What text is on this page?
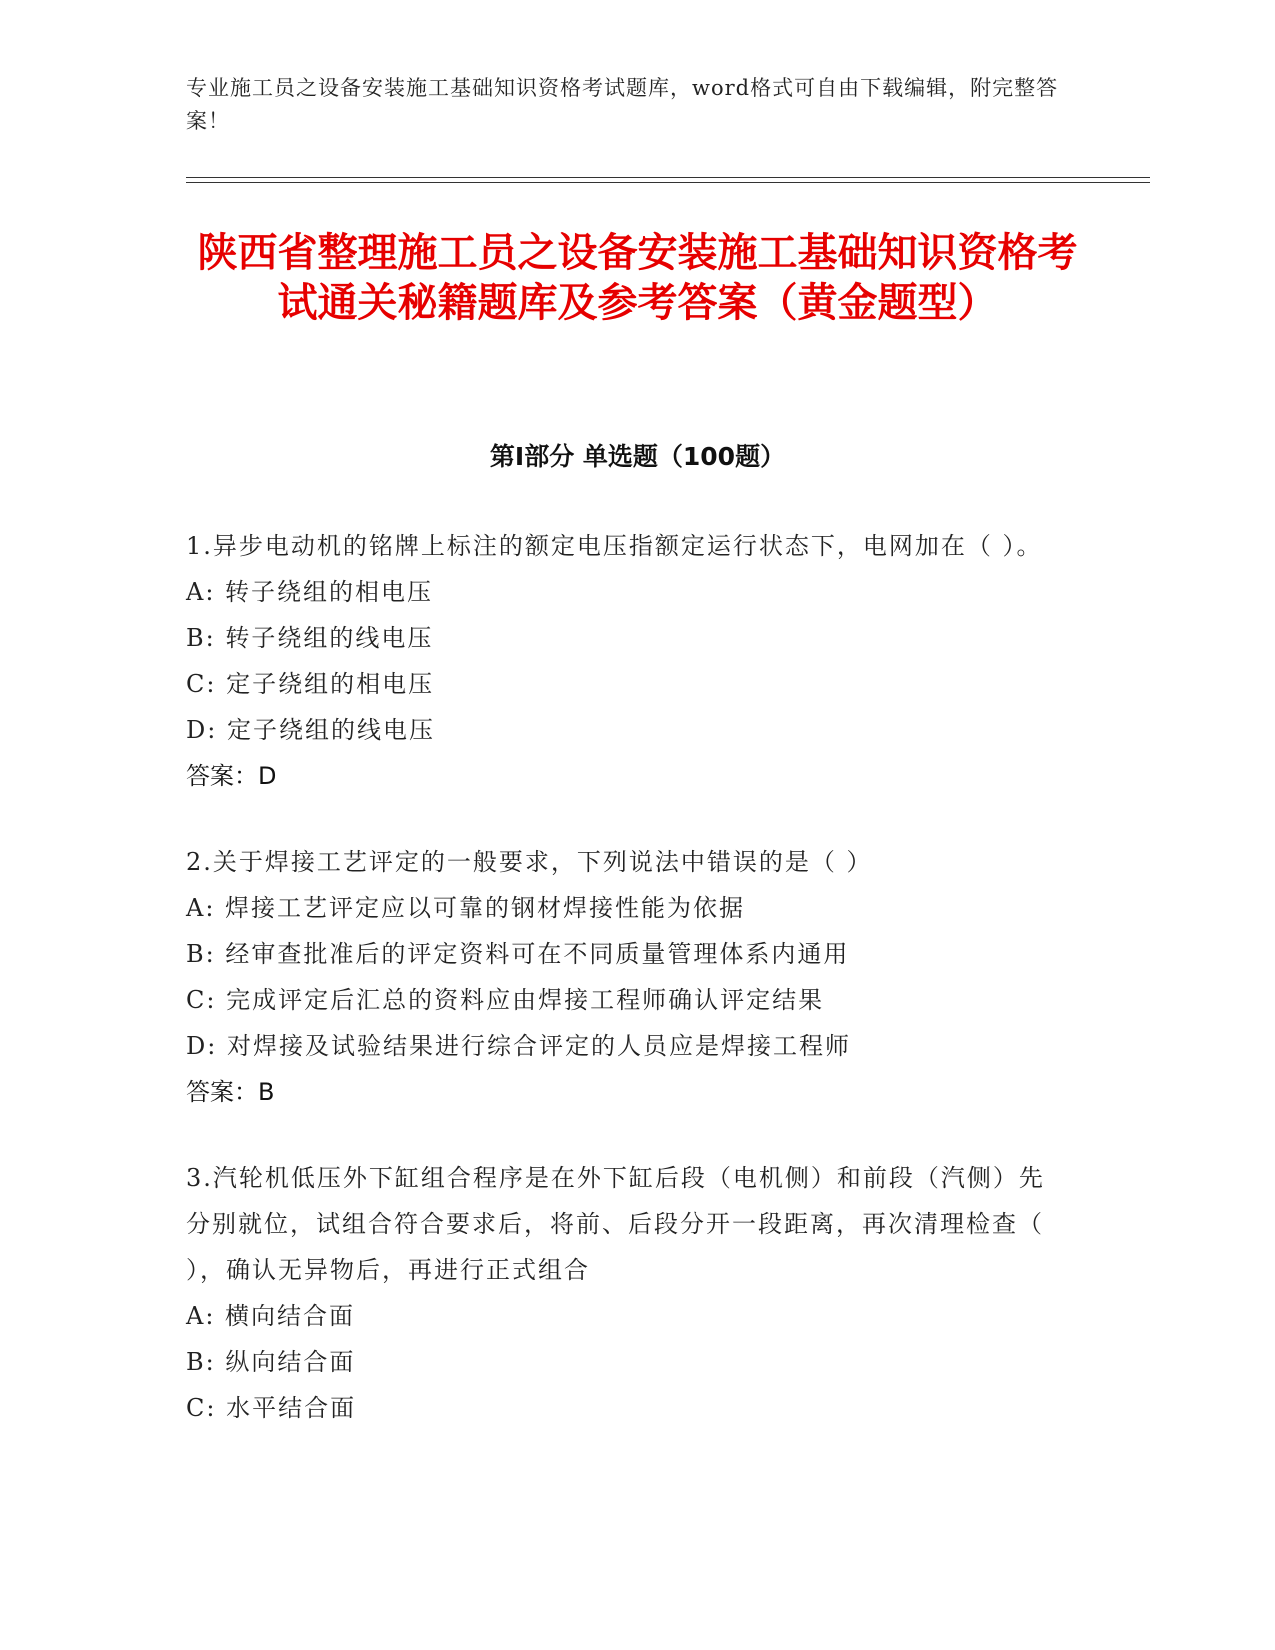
专业施工员之设备安装施工基础知识资格考试题库，word格式可自由下载编辑，附完整答案！
陕西省整理施工员之设备安装施工基础知识资格考试通关秘籍题库及参考答案（黄金题型）
第I部分 单选题（100题）
1.异步电动机的铭牌上标注的额定电压指额定运行状态下，电网加在（ ）。
A: 转子绕组的相电压
B: 转子绕组的线电压
C: 定子绕组的相电压
D: 定子绕组的线电压
答案：D
2.关于焊接工艺评定的一般要求，下列说法中错误的是（ ）
A: 焊接工艺评定应以可靠的钢材焊接性能为依据
B: 经审查批准后的评定资料可在不同质量管理体系内通用
C: 完成评定后汇总的资料应由焊接工程师确认评定结果
D: 对焊接及试验结果进行综合评定的人员应是焊接工程师
答案：B
3.汽轮机低压外下缸组合程序是在外下缸后段（电机侧）和前段（汽侧）先分别就位，试组合符合要求后，将前、后段分开一段距离，再次清理检查（ ），确认无异物后，再进行正式组合
A: 横向结合面
B: 纵向结合面
C: 水平结合面
